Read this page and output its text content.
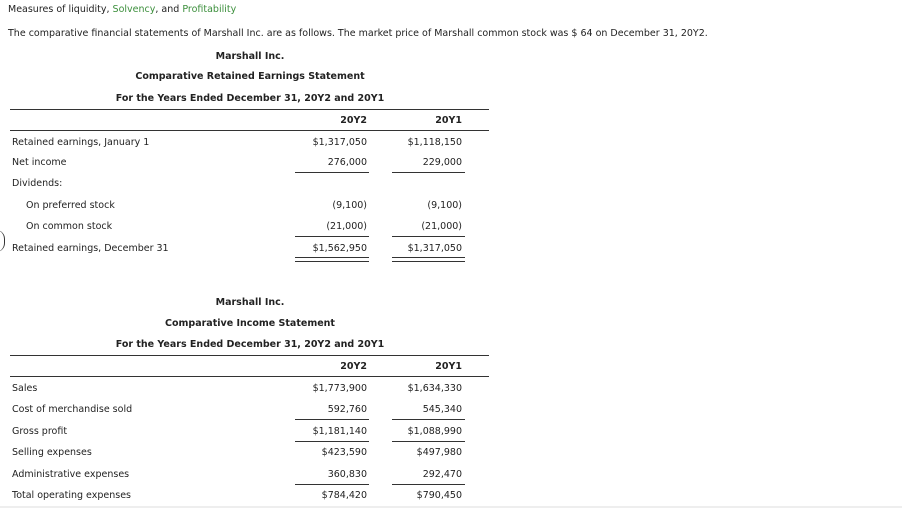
Measures of liquidity, Solvency, and Profitability
The comparative financial statements of Marshall Inc. are as follows. The market price of Marshall common stock was $ 64 on December 31, 20Y2.
Marshall Inc.
Comparative Retained Earnings Statement
For the Years Ended December 31, 20Y2 and 20Y1
20Y2	20Y1
Retained earnings, January 1	$1,317,050	$1,118,150
Net income	276,000	229,000
Dividends:
On preferred stock	(9,100)	(9,100)
On common stock	(21,000)	(21,000)
Retained earnings, December 31	$1,562,950	$1,317,050
Marshall Inc.
Comparative Income Statement
For the Years Ended December 31, 20Y2 and 20Y1
20Y2	20Y1
Sales	$1,773,900	$1,634,330
Cost of merchandise sold	592,760	545,340
Gross profit	$1,181,140	$1,088,990
Selling expenses	$423,590	$497,980
Administrative expenses	360,830	292,470
Total operating expenses	$784,420	$790,450
